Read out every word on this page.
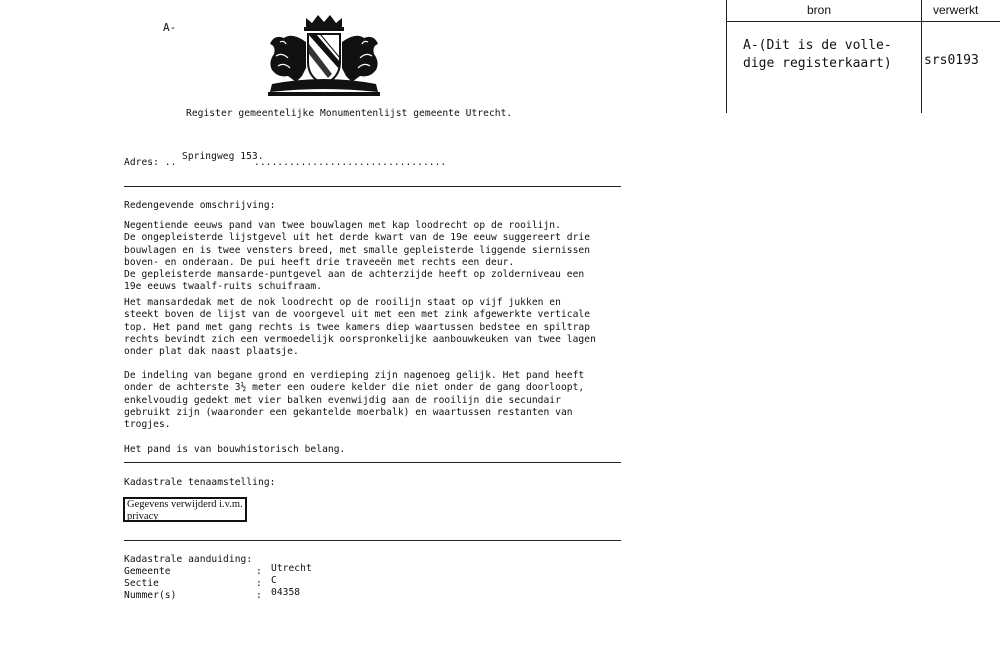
A-
Register gemeentelijke Monumentenlijst gemeente Utrecht.
bron	verwerkt
A-(Dit is de volle-
dige registerkaart) srs0193
Adres: ..
Springweg 153.
.................................
Redengevende omschrijving:
Negentiende eeuws pand van twee bouwlagen met kap loodrecht op de rooilijn.
De ongepleisterde lijstgevel uit het derde kwart van de 19e eeuw suggereert drie
bouwlagen en is twee vensters breed, met smalle gepleisterde liggende siernissen
boven- en onderaan. De pui heeft drie traveeën met rechts een deur.
De gepleisterde mansarde-puntgevel aan de achterzijde heeft op zolderniveau een
19e eeuws twaalf-ruits schuifraam.
Het mansardedak met de nok loodrecht op de rooilijn staat op vijf jukken en
steekt boven de lijst van de voorgevel uit met een met zink afgewerkte verticale
top. Het pand met gang rechts is twee kamers diep waartussen bedstee en spiltrap
rechts bevindt zich een vermoedelijk oorspronkelijke aanbouwkeuken van twee lagen
onder plat dak naast plaatsje.
De indeling van begane grond en verdieping zijn nagenoeg gelijk. Het pand heeft
onder de achterste 3½ meter een oudere kelder die niet onder de gang doorloopt,
enkelvoudig gedekt met vier balken evenwijdig aan de rooilijn die secundair
gebruikt zijn (waaronder een gekantelde moerbalk) en waartussen restanten van
trogjes.
Het pand is van bouwhistorisch belang.
Kadastrale tenaamstelling:
Gegevens verwijderd i.v.m.
privacy
Kadastrale aanduiding:
Gemeente	: Utrecht
Sectie	: C
Nummer(s)	: 04358
